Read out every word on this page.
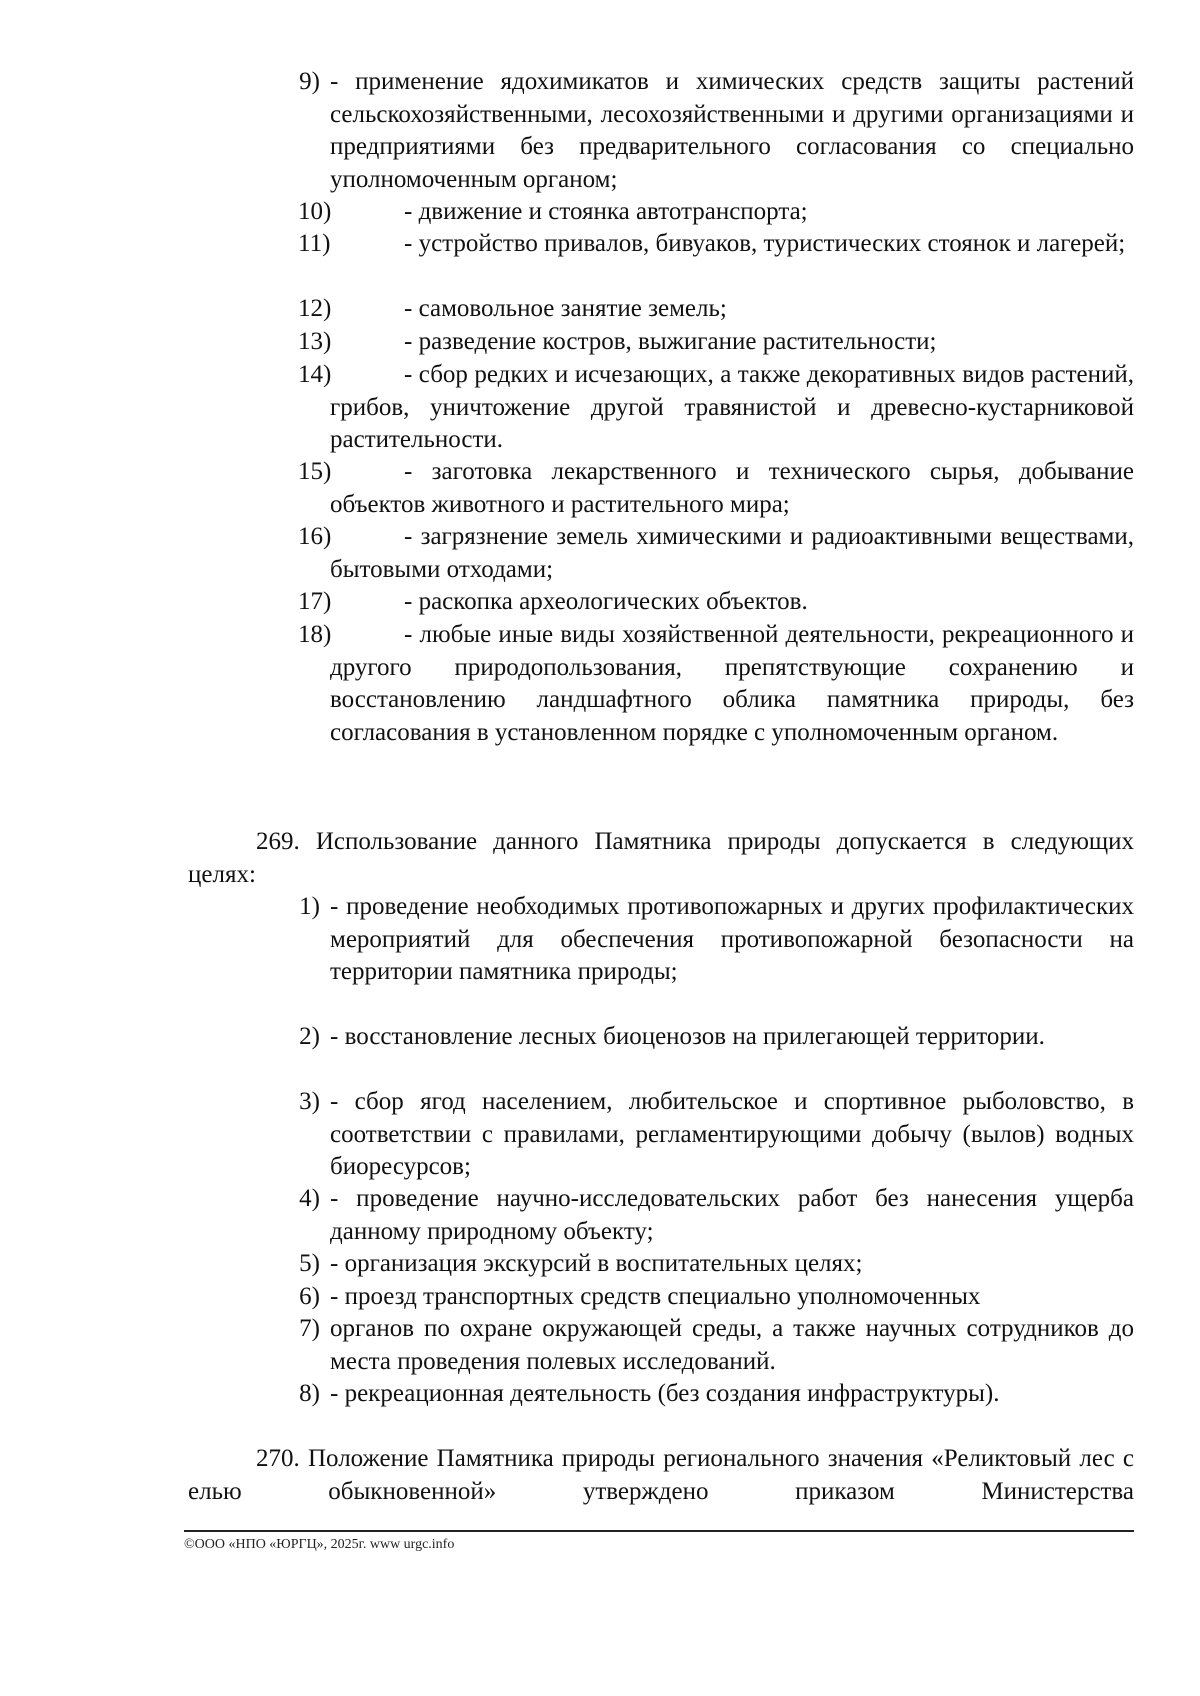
9) - применение ядохимикатов и химических средств защиты растений сельскохозяйственными, лесохозяйственными и другими организациями и предприятиями без предварительного согласования со специально уполномоченным органом;
10)	- движение и стоянка автотранспорта;
11)	- устройство привалов, бивуаков, туристических стоянок и лагерей;
12)	- самовольное занятие земель;
13)	- разведение костров, выжигание растительности;
14)	- сбор редких и исчезающих, а также декоративных видов растений, грибов, уничтожение другой травянистой и древесно-кустарниковой растительности.
15)	- заготовка лекарственного и технического сырья, добывание объектов животного и растительного мира;
16)	- загрязнение земель химическими и радиоактивными веществами, бытовыми отходами;
17)	- раскопка археологических объектов.
18)	- любые иные виды хозяйственной деятельности, рекреационного и другого природопользования, препятствующие сохранению и восстановлению ландшафтного облика памятника природы, без согласования в установленном порядке с уполномоченным органом.
269. Использование данного Памятника природы допускается в следующих целях:
1) - проведение необходимых противопожарных и других профилактических мероприятий для обеспечения противопожарной безопасности на территории памятника природы;
2) - восстановление лесных биоценозов на прилегающей территории.
3) - сбор ягод населением, любительское и спортивное рыболовство, в соответствии с правилами, регламентирующими добычу (вылов) водных биоресурсов;
4) - проведение научно-исследовательских работ без нанесения ущерба данному природному объекту;
5) - организация экскурсий в воспитательных целях;
6) - проезд транспортных средств специально уполномоченных
7) органов по охране окружающей среды, а также научных сотрудников до места проведения полевых исследований.
8) - рекреационная деятельность (без создания инфраструктуры).
270. Положение Памятника природы регионального значения «Реликтовый лес с елью обыкновенной» утверждено приказом Министерства
©ООО «НПО «ЮРГЦ», 2025г. www urgc.info
